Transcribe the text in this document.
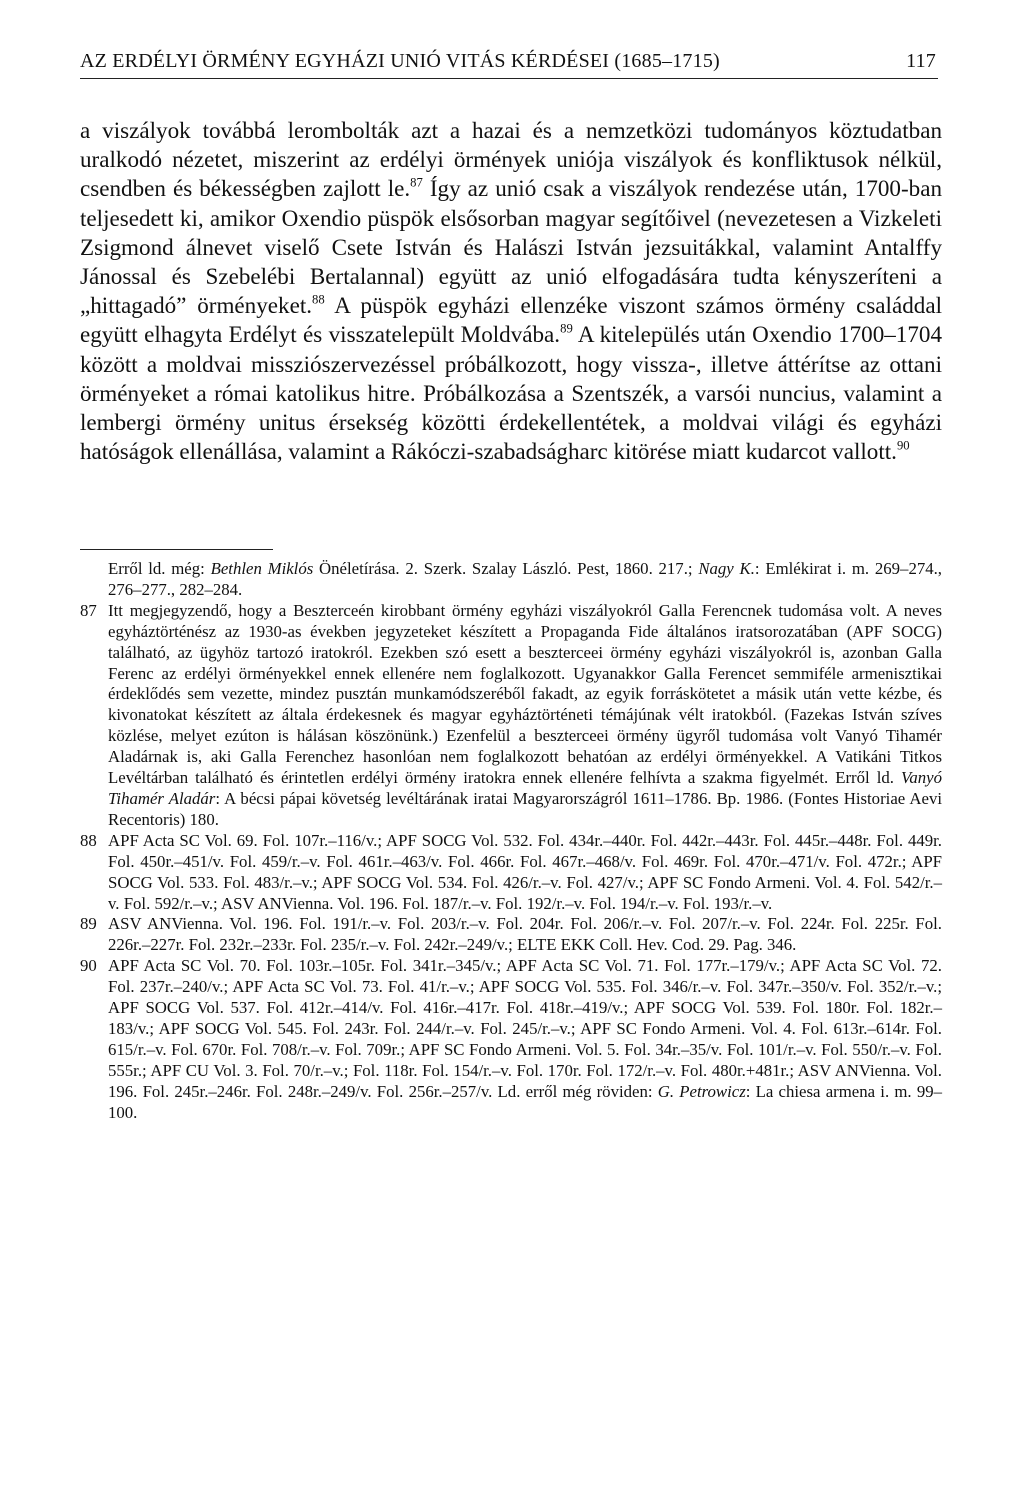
AZ ERDÉLYI ÖRMÉNY EGYHÁZI UNIÓ VITÁS KÉRDÉSEI (1685–1715)	117

a viszályok továbbá lerombolták azt a hazai és a nemzetközi tudományos köztudatban uralkodó nézetet, miszerint az erdélyi örmények uniója viszályok és konfliktusok nélkül, csendben és békességben zajlott le.$^{87}$ Így az unió csak a viszályok rendezése után, 1700-ban teljesedett ki, amikor Oxendio püspök elsősorban magyar segítőivel (nevezetesen a Vizkeleti Zsigmond álnevet viselő Csete István és Halászi István jezsuitákkal, valamint Antalffy Jánossal és Szebelébi Bertalannal) együtt az unió elfogadására tudta kényszeríteni a „hittagadó” örményeket.$^{88}$ A püspök egyházi ellenzéke viszont számos örmény családdal együtt elhagyta Erdélyt és visszatelepült Moldvába.$^{89}$ A kitelepülés után Oxendio 1700–1704 között a moldvai missziószervezéssel próbálkozott, hogy vissza-, illetve áttérítse az ottani örményeket a római katolikus hitre. Próbálkozása a Szentszék, a varsói nuncius, valamint a lembergi örmény unitus érsekség közötti érdekellentétek, a moldvai világi és egyházi hatóságok ellenállása, valamint a Rákóczi-szabadságharc kitörése miatt kudarcot vallott.$^{90}$

Erről ld. még: Bethlen Miklós Önéletírása. 2. Szerk. Szalay László. Pest, 1860. 217.; Nagy K.: Emlékirat i. m. 269–274., 276–277., 282–284.
87 Itt megjegyzendő, hogy a Beszterceén kirobbant örmény egyházi viszályokról Galla Ferencnek tudomása volt. A neves egyháztörténész az 1930-as években jegyzeteket készített a Propaganda Fide általános iratsorozatában (APF SOCG) található, az ügyhöz tartozó iratokról. Ezekben szó esett a beszterceei örmény egyházi viszályokról is, azonban Galla Ferenc az erdélyi örményekkel ennek ellenére nem foglalkozott. Ugyanakkor Galla Ferencet semmiféle armenisztikai érdeklődés sem vezette, mindez pusztán munkamódszeréből fakadt, az egyik forráskötetet a másik után vette kézbe, és kivonatokat készített az általa érdekesnek és magyar egyháztörténeti témájúnak vélt iratokból. (Fazekas István szíves közlése, melyet ezúton is hálásan köszönünk.) Ezenfelül a beszterceei örmény ügyről tudomása volt Vanyó Tihamér Aladárnak is, aki Galla Ferenchez hasonlóan nem foglalkozott behatóan az erdélyi örményekkel. A Vatikáni Titkos Levéltárban található és érintetlen erdélyi örmény iratokra ennek ellenére felhívta a szakma figyelmét. Erről ld. Vanyó Tihamér Aladár: A bécsi pápai követség levéltárának iratai Magyarországról 1611–1786. Bp. 1986. (Fontes Historiae Aevi Recentoris) 180.
88 APF Acta SC Vol. 69. Fol. 107r.–116/v.; APF SOCG Vol. 532. Fol. 434r.–440r. Fol. 442r.–443r. Fol. 445r.–448r. Fol. 449r. Fol. 450r.–451/v. Fol. 459/r.–v. Fol. 461r.–463/v. Fol. 466r. Fol. 467r.–468/v. Fol. 469r. Fol. 470r.–471/v. Fol. 472r.; APF SOCG Vol. 533. Fol. 483/r.–v.; APF SOCG Vol. 534. Fol. 426/r.–v. Fol. 427/v.; APF SC Fondo Armeni. Vol. 4. Fol. 542/r.–v. Fol. 592/r.–v.; ASV ANVienna. Vol. 196. Fol. 187/r.–v. Fol. 192/r.–v. Fol. 194/r.–v. Fol. 193/r.–v.
89 ASV ANVienna. Vol. 196. Fol. 191/r.–v. Fol. 203/r.–v. Fol. 204r. Fol. 206/r.–v. Fol. 207/r.–v. Fol. 224r. Fol. 225r. Fol. 226r.–227r. Fol. 232r.–233r. Fol. 235/r.–v. Fol. 242r.–249/v.; ELTE EKK Coll. Hev. Cod. 29. Pag. 346.
90 APF Acta SC Vol. 70. Fol. 103r.–105r. Fol. 341r.–345/v.; APF Acta SC Vol. 71. Fol. 177r.–179/v.; APF Acta SC Vol. 72. Fol. 237r.–240/v.; APF Acta SC Vol. 73. Fol. 41/r.–v.; APF SOCG Vol. 535. Fol. 346/r.–v. Fol. 347r.–350/v. Fol. 352/r.–v.; APF SOCG Vol. 537. Fol. 412r.–414/v. Fol. 416r.–417r. Fol. 418r.–419/v.; APF SOCG Vol. 539. Fol. 180r. Fol. 182r.–183/v.; APF SOCG Vol. 545. Fol. 243r. Fol. 244/r.–v. Fol. 245/r.–v.; APF SC Fondo Armeni. Vol. 4. Fol. 613r.–614r. Fol. 615/r.–v. Fol. 670r. Fol. 708/r.–v. Fol. 709r.; APF SC Fondo Armeni. Vol. 5. Fol. 34r.–35/v. Fol. 101/r.–v. Fol. 550/r.–v. Fol. 555r.; APF CU Vol. 3. Fol. 70/r.–v.; Fol. 118r. Fol. 154/r.–v. Fol. 170r. Fol. 172/r.–v. Fol. 480r.+481r.; ASV ANVienna. Vol. 196. Fol. 245r.–246r. Fol. 248r.–249/v. Fol. 256r.–257/v. Ld. erről még röviden: G. Petrowicz: La chiesa armena i. m. 99–100.
